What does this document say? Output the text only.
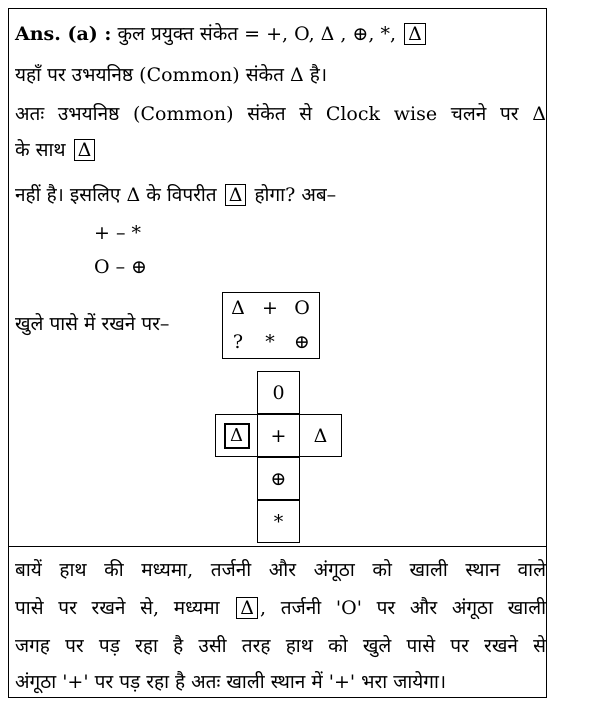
Ans. (a) : कुल प्रयुक्त संकेत = +, O, Δ , ⊕, *, Δ
यहाँ पर उभयनिष्ठ (Common) संकेत Δ है।
अतः उभयनिष्ठ (Common) संकेत से Clock wise चलने पर Δ
के साथ Δ
नहीं है। इसलिए Δ के विपरीत Δ होगा? अब–
+ – *
O – ⊕
खुले पासे में रखने पर–
Δ + O
?	*	⊕
0
Δ	+ Δ
⊕
*
बायें हाथ की मध्यमा, तर्जनी और अंगूठा को खाली स्थान वाले
पासे पर रखने से, मध्यमा Δ , तर्जनी 'O' पर और अंगूठा खाली
जगह पर पड़ रहा है उसी तरह हाथ को खुले पासे पर रखने से
अंगूठा '+' पर पड़ रहा है अतः खाली स्थान में '+' भरा जायेगा।
